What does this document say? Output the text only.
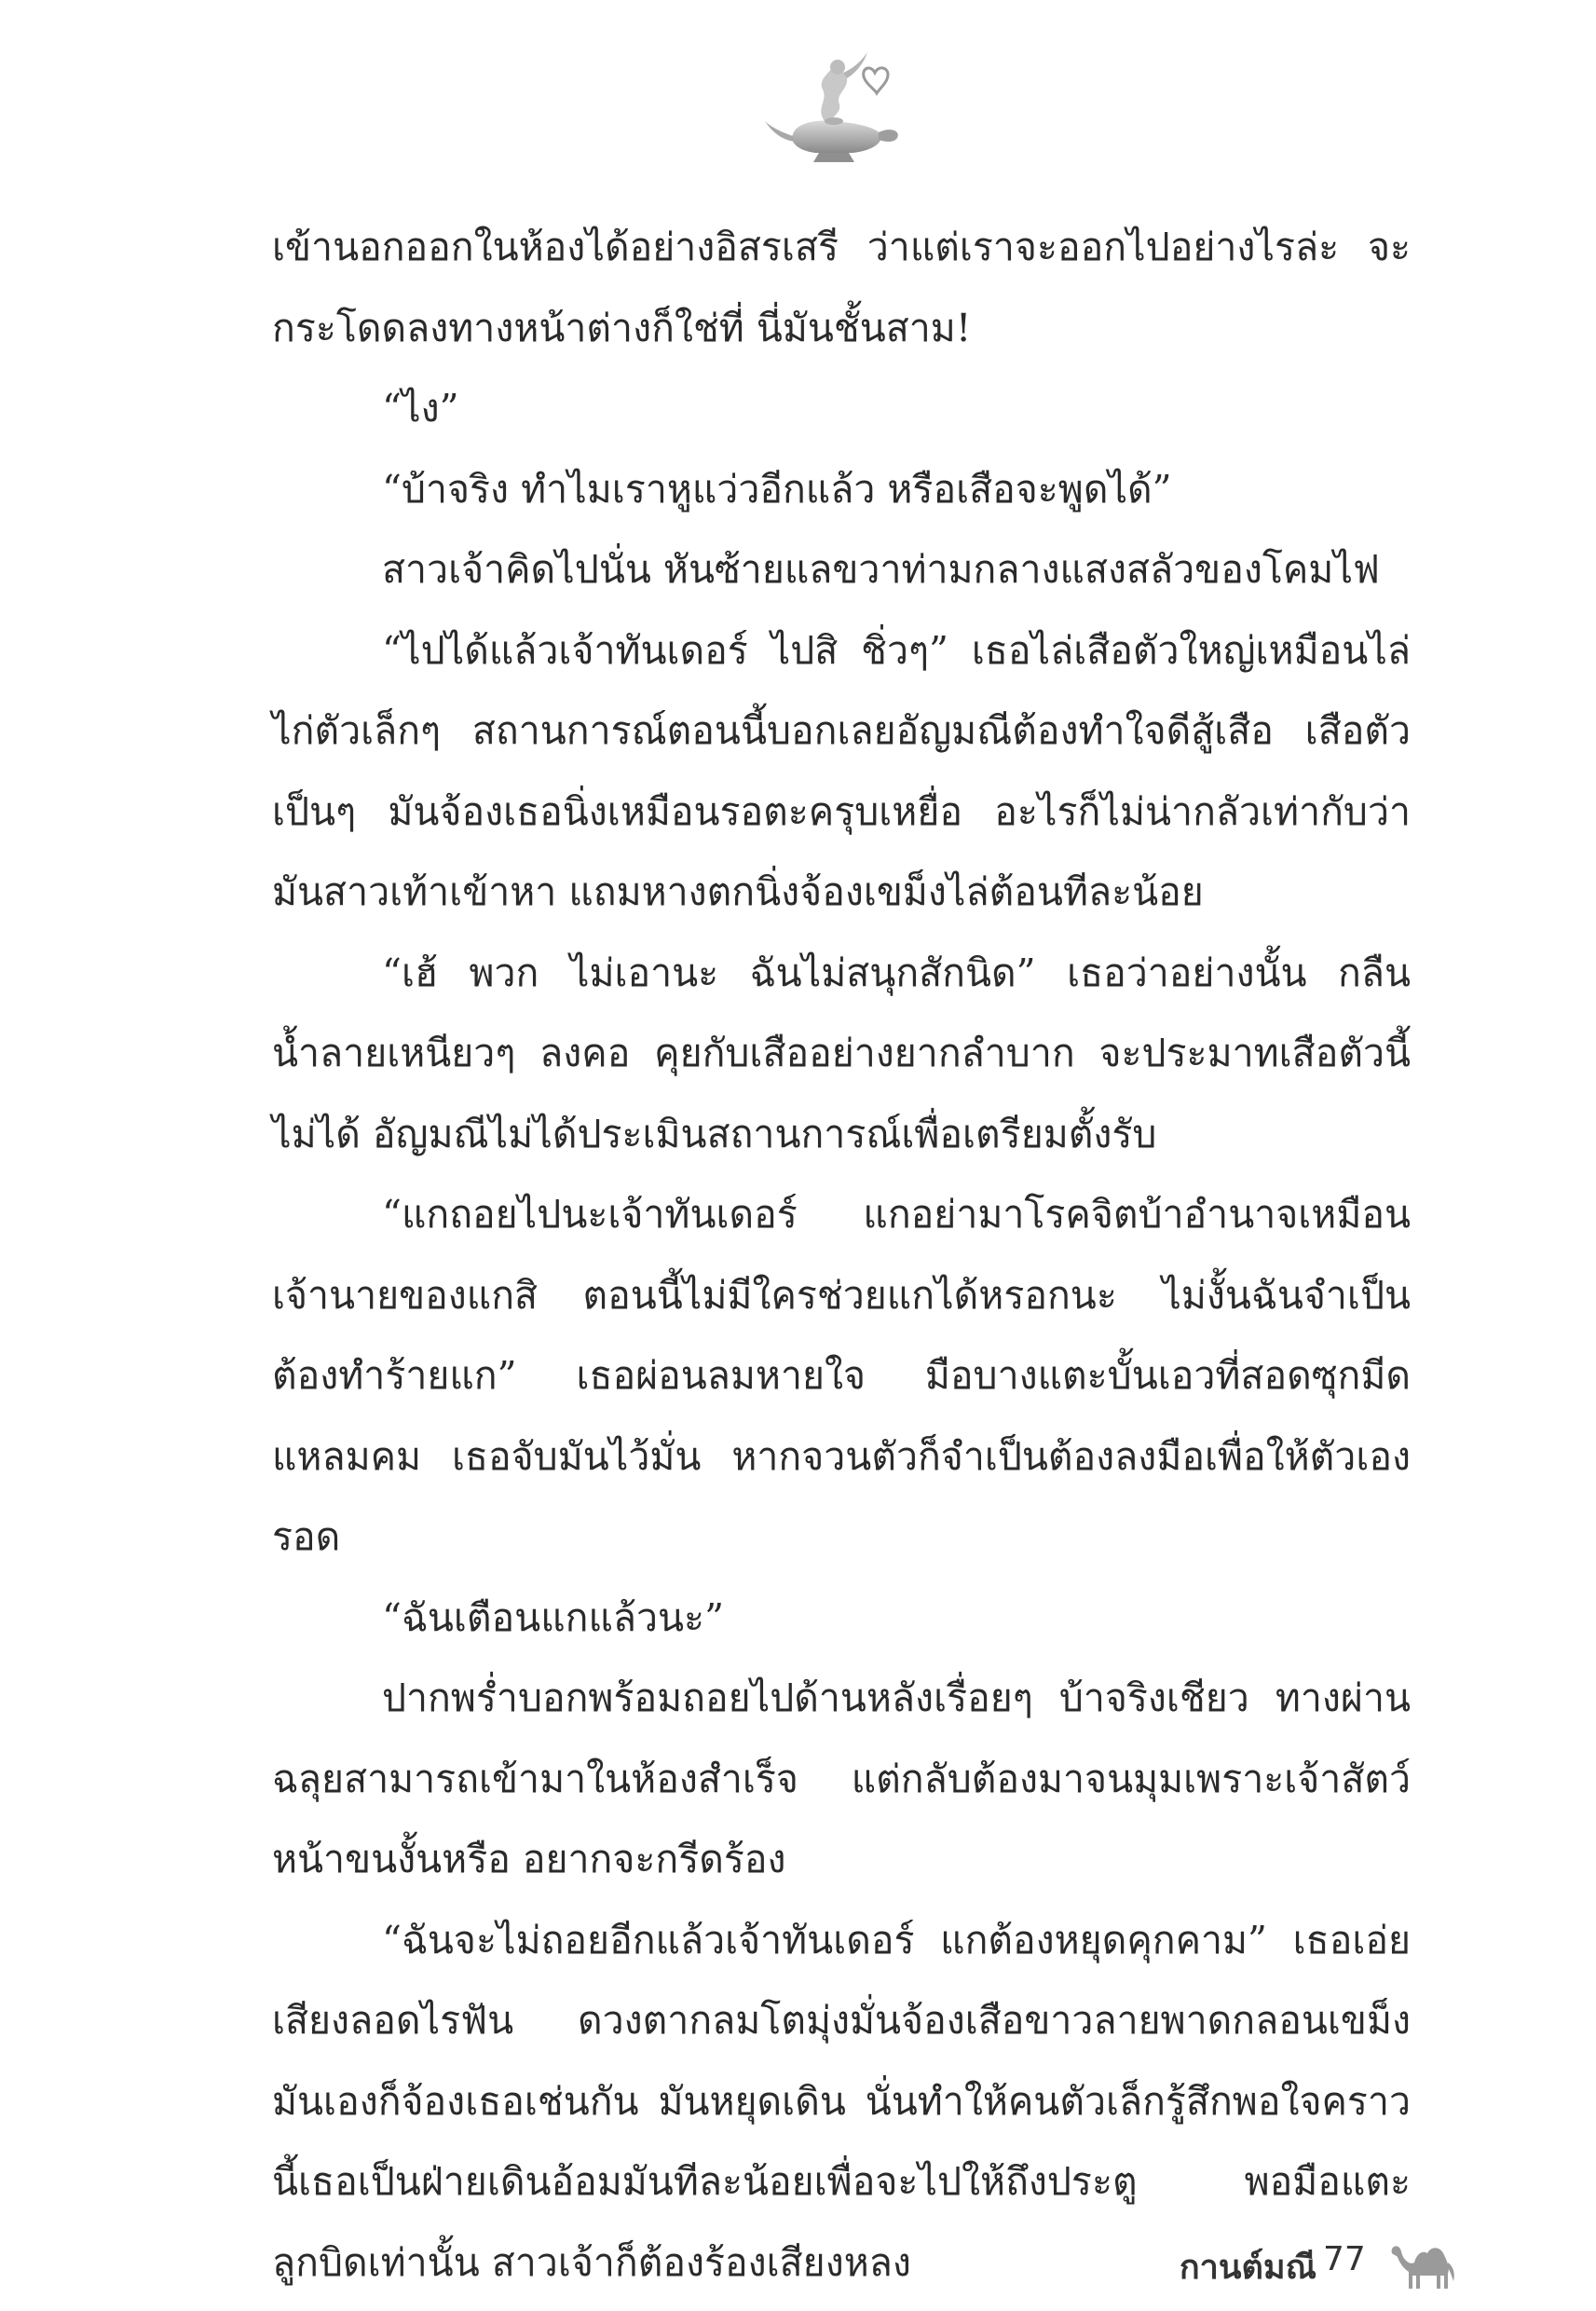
เข้านอกออกในห้องได้อย่างอิสรเสรี ว่าแต่เราจะออกไปอย่างไรล่ะ จะกระโดดลงทางหน้าต่างก็ใช่ที่ นี่มันชั้นสาม!

“ไง”

“บ้าจริง ทำไมเราหูแว่วอีกแล้ว หรือเสือจะพูดได้”

สาวเจ้าคิดไปนั่น หันซ้ายแลขวาท่ามกลางแสงสลัวของโคมไฟ

“ไปได้แล้วเจ้าทันเดอร์ ไปสิ ชิ่วๆ” เธอไล่เสือตัวใหญ่เหมือนไล่ไก่ตัวเล็กๆ สถานการณ์ตอนนี้บอกเลยอัญมณีต้องทำใจดีสู้เสือ เสือตัวเป็นๆ มันจ้องเธอนิ่งเหมือนรอตะครุบเหยื่อ อะไรก็ไม่น่ากลัวเท่ากับว่ามันสาวเท้าเข้าหา แถมหางตกนิ่งจ้องเขม็งไล่ต้อนทีละน้อย

“เฮ้ พวก ไม่เอานะ ฉันไม่สนุกสักนิด” เธอว่าอย่างนั้น กลืนน้ำลายเหนียวๆ ลงคอ คุยกับเสืออย่างยากลำบาก จะประมาทเสือตัวนี้ไม่ได้ อัญมณีไม่ได้ประเมินสถานการณ์เพื่อเตรียมตั้งรับ

“แกถอยไปนะเจ้าทันเดอร์ แกอย่ามาโรคจิตบ้าอำนาจเหมือนเจ้านายของแกสิ ตอนนี้ไม่มีใครช่วยแกได้หรอกนะ ไม่งั้นฉันจำเป็นต้องทำร้ายแก” เธอผ่อนลมหายใจ มือบางแตะบั้นเอวที่สอดซุกมีดแหลมคม เธอจับมันไว้มั่น หากจวนตัวก็จำเป็นต้องลงมือเพื่อให้ตัวเองรอด

“ฉันเตือนแกแล้วนะ”

ปากพร่ำบอกพร้อมถอยไปด้านหลังเรื่อยๆ บ้าจริงเชียว ทางผ่านฉลุยสามารถเข้ามาในห้องสำเร็จ แต่กลับต้องมาจนมุมเพราะเจ้าสัตว์หน้าขนงั้นหรือ อยากจะกรีดร้อง

“ฉันจะไม่ถอยอีกแล้วเจ้าทันเดอร์ แกต้องหยุดคุกคาม” เธอเอ่ยเสียงลอดไรฟัน ดวงตากลมโตมุ่งมั่นจ้องเสือขาวลายพาดกลอนเขม็ง มันเองก็จ้องเธอเช่นกัน มันหยุดเดิน นั่นทำให้คนตัวเล็กรู้สึกพอใจคราวนี้เธอเป็นฝ่ายเดินอ้อมมันทีละน้อยเพื่อจะไปให้ถึงประตู พอมือแตะลูกบิดเท่านั้น สาวเจ้าก็ต้องร้องเสียงหลง	กานต์มณี 77
